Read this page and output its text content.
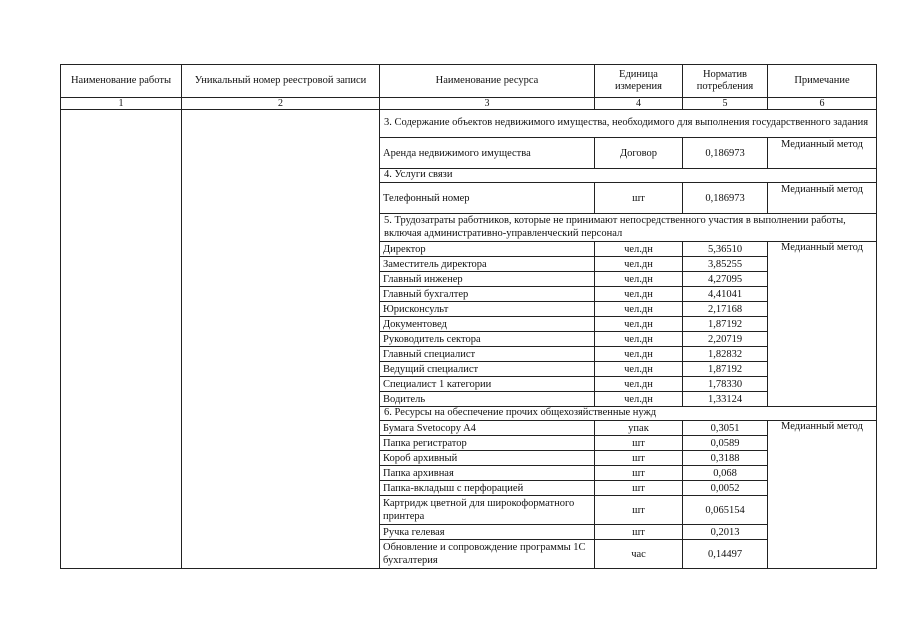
Наименование работы	Уникальный номер реестровой записи	Наименование ресурса	Единица измерения	Норматив потребления	Примечание
1	2	3	4	5	6
		3. Содержание объектов недвижимого имущества, необходимого для выполнения государственного задания			
		Аренда недвижимого имущества	Договор	0,186973	Медианный метод
		4. Услуги связи			
		Телефонный номер	шт	0,186973	Медианный метод
		5. Трудозатраты работников, которые не принимают непосредственного участия в выполнении работы, включая административно-управленческий персонал			
		Директор	чел.дн	5,36510	Медианный метод
		Заместитель директора	чел.дн	3,85255	
		Главный инженер	чел.дн	4,27095	
		Главный бухгалтер	чел.дн	4,41041	
		Юрисконсульт	чел.дн	2,17168	
		Документовед	чел.дн	1,87192	
		Руководитель сектора	чел.дн	2,20719	
		Главный специалист	чел.дн	1,82832	
		Ведущий специалист	чел.дн	1,87192	
		Специалист 1 категории	чел.дн	1,78330	
		Водитель	чел.дн	1,33124	
		6. Ресурсы на обеспечение прочих общехозяйственные нужд			
		Бумага Svetocopy A4	упак	0,3051	Медианный метод
		Папка регистратор	шт	0,0589	
		Короб архивный	шт	0,3188	
		Папка архивная	шт	0,068	
		Папка-вкладыш с перфорацией	шт	0,0052	
		Картридж цветной для широкоформатного принтера	шт	0,065154	
		Ручка гелевая	шт	0,2013	
		Обновление и сопровождение программы 1С бухгалтерия	час	0,14497	
